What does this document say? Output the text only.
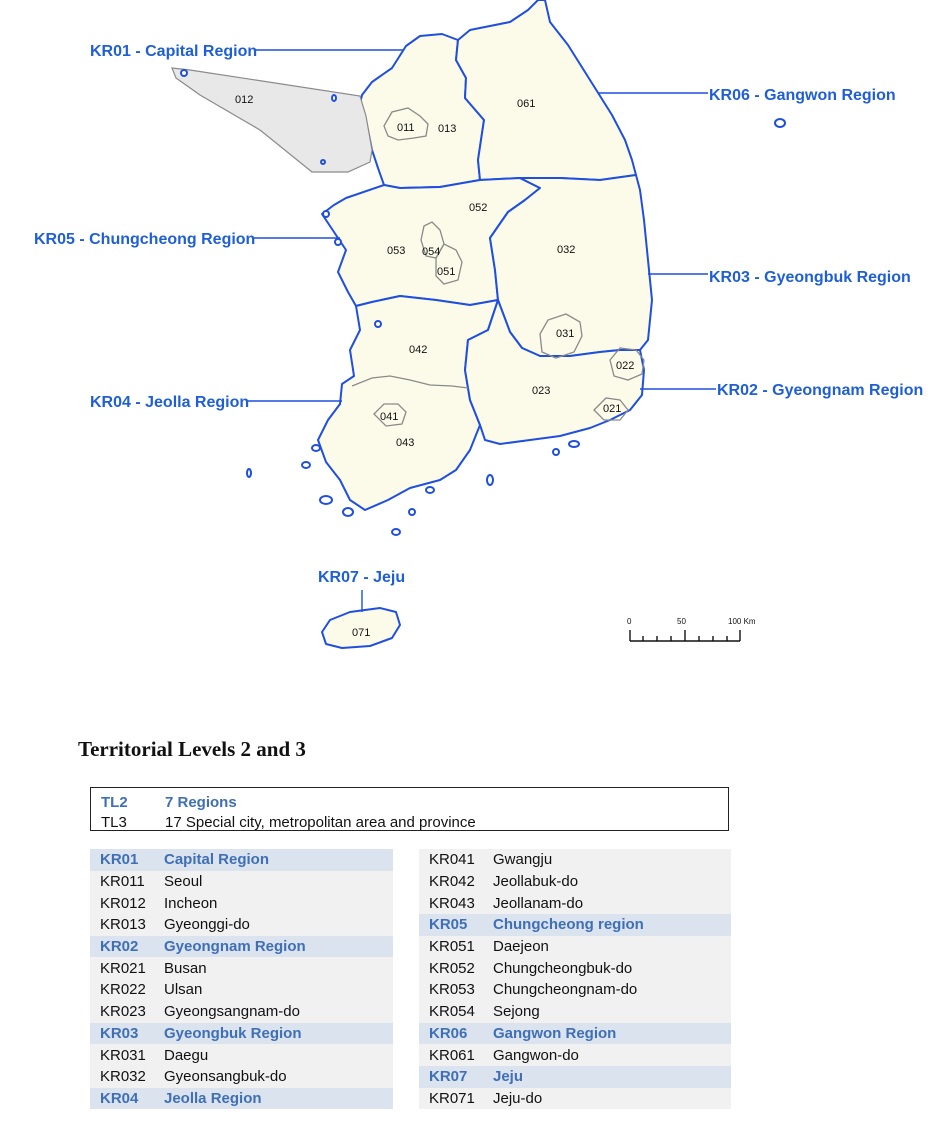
KR01 - Capital Region
KR05 - Chungcheong Region
KR04 - Jeolla Region
KR06 - Gangwon Region
KR03 - Gyeongbuk Region
KR02 - Gyeongnam Region
KR07 - Jeju
012
011 013
061
052
053 054
051
032
031
022
023
021
042
041
043
071
0	50	100 Km
Territorial Levels 2 and 3
TL2	7 Regions
TL3	17 Special city, metropolitan area and province
KR01	Capital Region
KR011	Seoul
KR012	Incheon
KR013	Gyeonggi-do
KR02	Gyeongnam Region
KR021	Busan
KR022	Ulsan
KR023	Gyeongsangnam-do
KR03	Gyeongbuk Region
KR031	Daegu
KR032	Gyeonsangbuk-do
KR04	Jeolla Region
KR041	Gwangju
KR042	Jeollabuk-do
KR043	Jeollanam-do
KR05	Chungcheong region
KR051	Daejeon
KR052	Chungcheongbuk-do
KR053	Chungcheongnam-do
KR054	Sejong
KR06	Gangwon Region
KR061	Gangwon-do
KR07	Jeju
KR071	Jeju-do
